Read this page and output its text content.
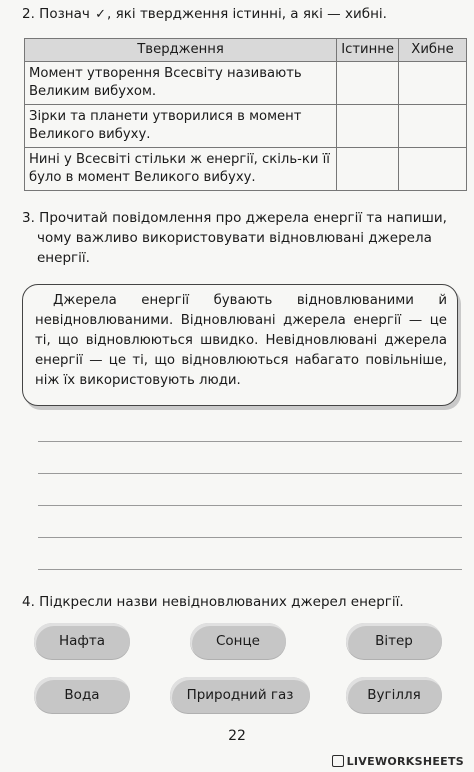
2. Познач ✓, які твердження істинні, а які — хибні.
Твердження	Істинне	Хибне
Момент утворення Всесвіту називають Великим вибухом.		
Зірки та планети утворилися в момент Великого вибуху.		
Нині у Всесвіті стільки ж енергії, скіль-ки її було в момент Великого вибуху.		
3. Прочитай повідомлення про джерела енергії та напиши,
чому важливо використовувати відновлювані джерела енергії.
Джерела енергії бувають відновлюваними й невідновлюваними. Відновлювані джерела енергії — це ті, що відновлюються швидко. Невідновлювані джерела енергії — це ті, що відновлюються набагато повільніше, ніж їх використовують люди.
4. Підкресли назви невідновлюваних джерел енергії.
Нафта	Сонце	Вітер
Вода	Природний газ	Вугілля
22
LIVEWORKSHEETS
